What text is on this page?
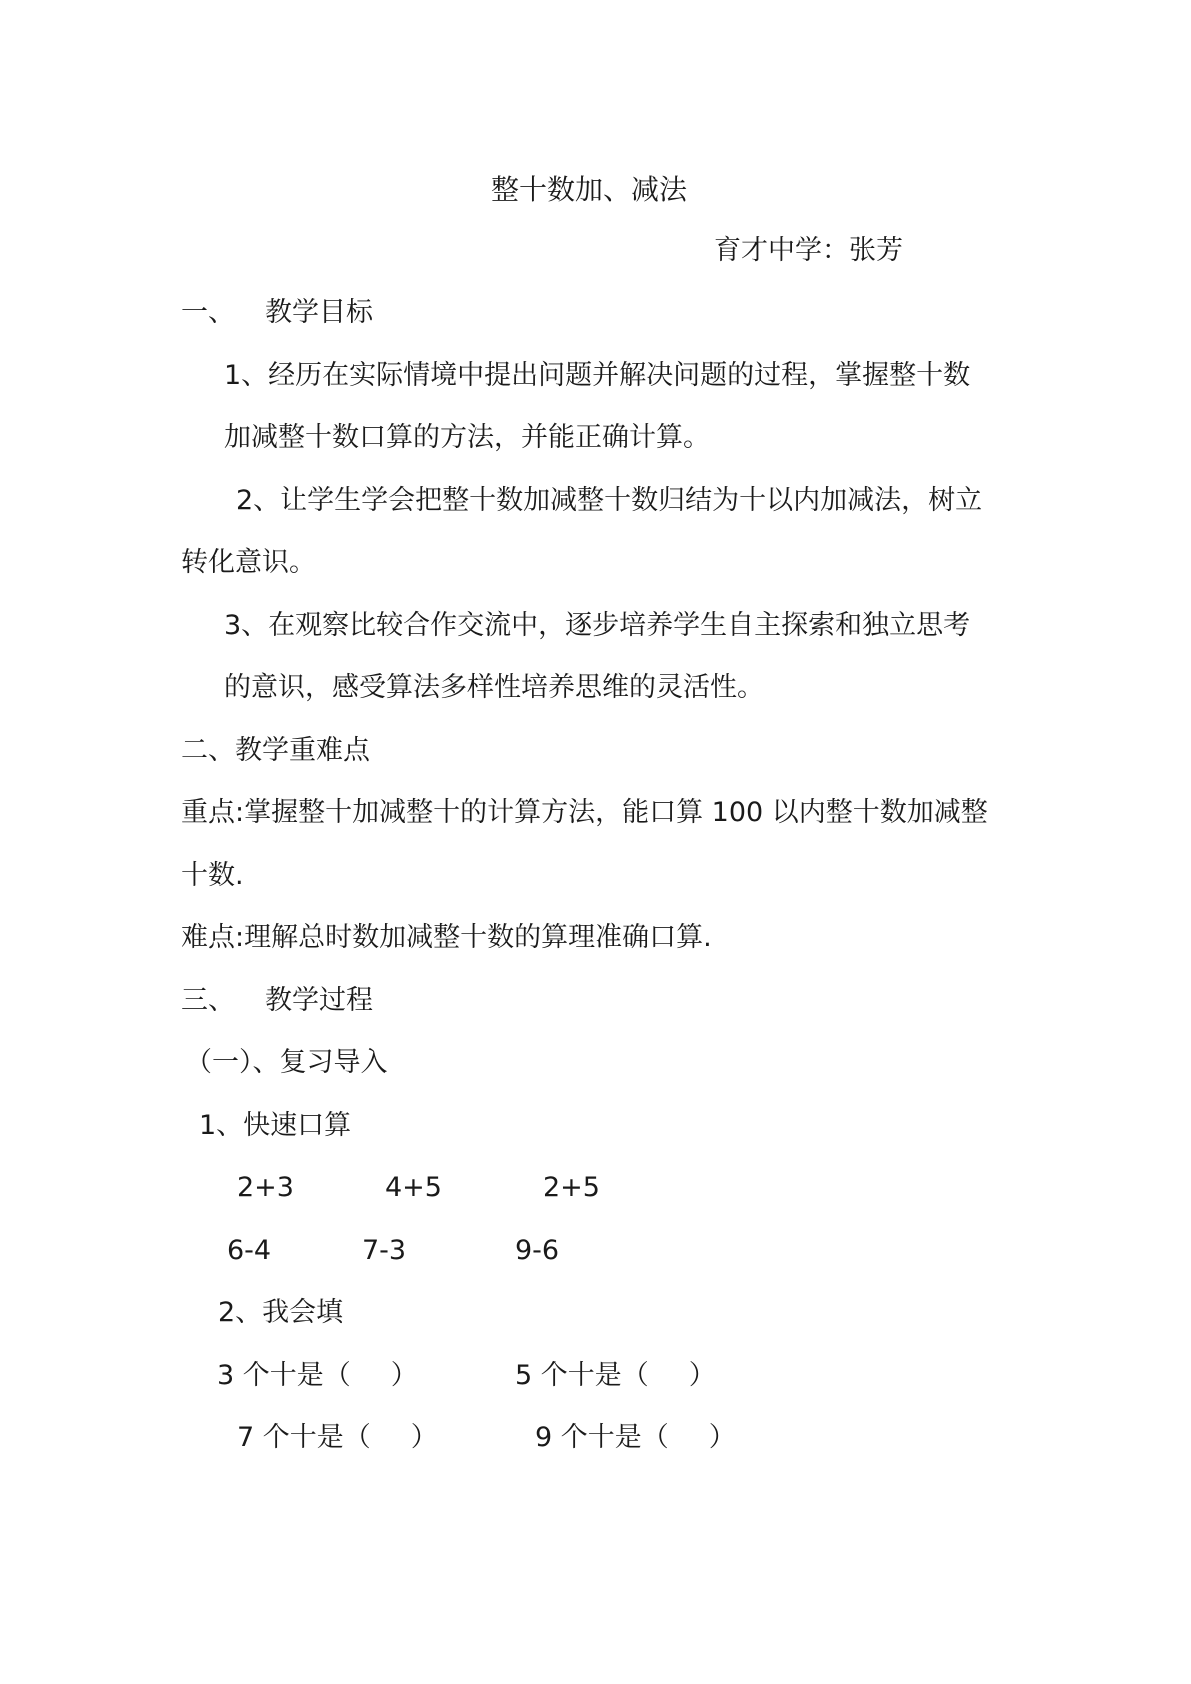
整十数加、减法
育才中学：张芳
一、 教学目标
1、经历在实际情境中提出问题并解决问题的过程，掌握整十数
加减整十数口算的方法，并能正确计算。
2、让学生学会把整十数加减整十数归结为十以内加减法，树立
转化意识。
3、在观察比较合作交流中，逐步培养学生自主探索和独立思考
的意识，感受算法多样性培养思维的灵活性。
二、教学重难点
重点:掌握整十加减整十的计算方法，能口算 100 以内整十数加减整
十数.
难点:理解总时数加减整十数的算理准确口算.
三、 教学过程
（一）、复习导入
1、快速口算
2+3	4+5	2+5
6-4	7-3	9-6
2、我会填
3 个十是（ ）	5 个十是（ ）
7 个十是（ ）	9 个十是（ ）
